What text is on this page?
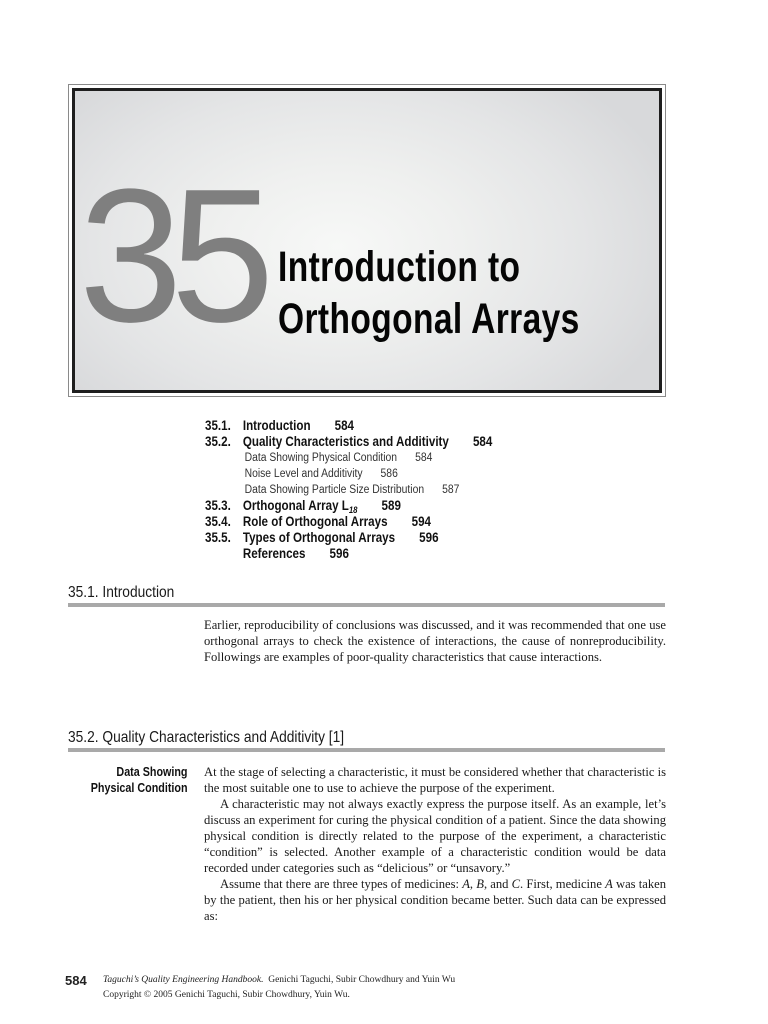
35 Introduction to
Orthogonal Arrays
35.1. Introduction 584
35.2. Quality Characteristics and Additivity 584
Data Showing Physical Condition 584
Noise Level and Additivity 586
Data Showing Particle Size Distribution 587
35.3. Orthogonal Array $L_{18}$ 589
35.4. Role of Orthogonal Arrays 594
35.5. Types of Orthogonal Arrays 596
References 596
35.1. Introduction

Earlier, reproducibility of conclusions was discussed, and it was recommended that one use orthogonal arrays to check the existence of interactions, the cause of nonreproducibility. Followings are examples of poor-quality characteristics that cause interactions.

35.2. Quality Characteristics and Additivity [1]
Data Showing
Physical Condition

At the stage of selecting a characteristic, it must be considered whether that characteristic is the most suitable one to use to achieve the purpose of the experiment.

A characteristic may not always exactly express the purpose itself. As an example, let’s discuss an experiment for curing the physical condition of a patient. Since the data showing physical condition is directly related to the purpose of the experiment, a characteristic “condition” is selected. Another example of a characteristic condition would be data recorded under categories such as “delicious” or “unsavory.”

Assume that there are three types of medicines: A, B, and C. First, medicine A was taken by the patient, then his or her physical condition became better. Such data can be expressed as:

584 Taguchi’s Quality Engineering Handbook. Genichi Taguchi, Subir Chowdhury and Yuin Wu
Copyright © 2005 Genichi Taguchi, Subir Chowdhury, Yuin Wu.
